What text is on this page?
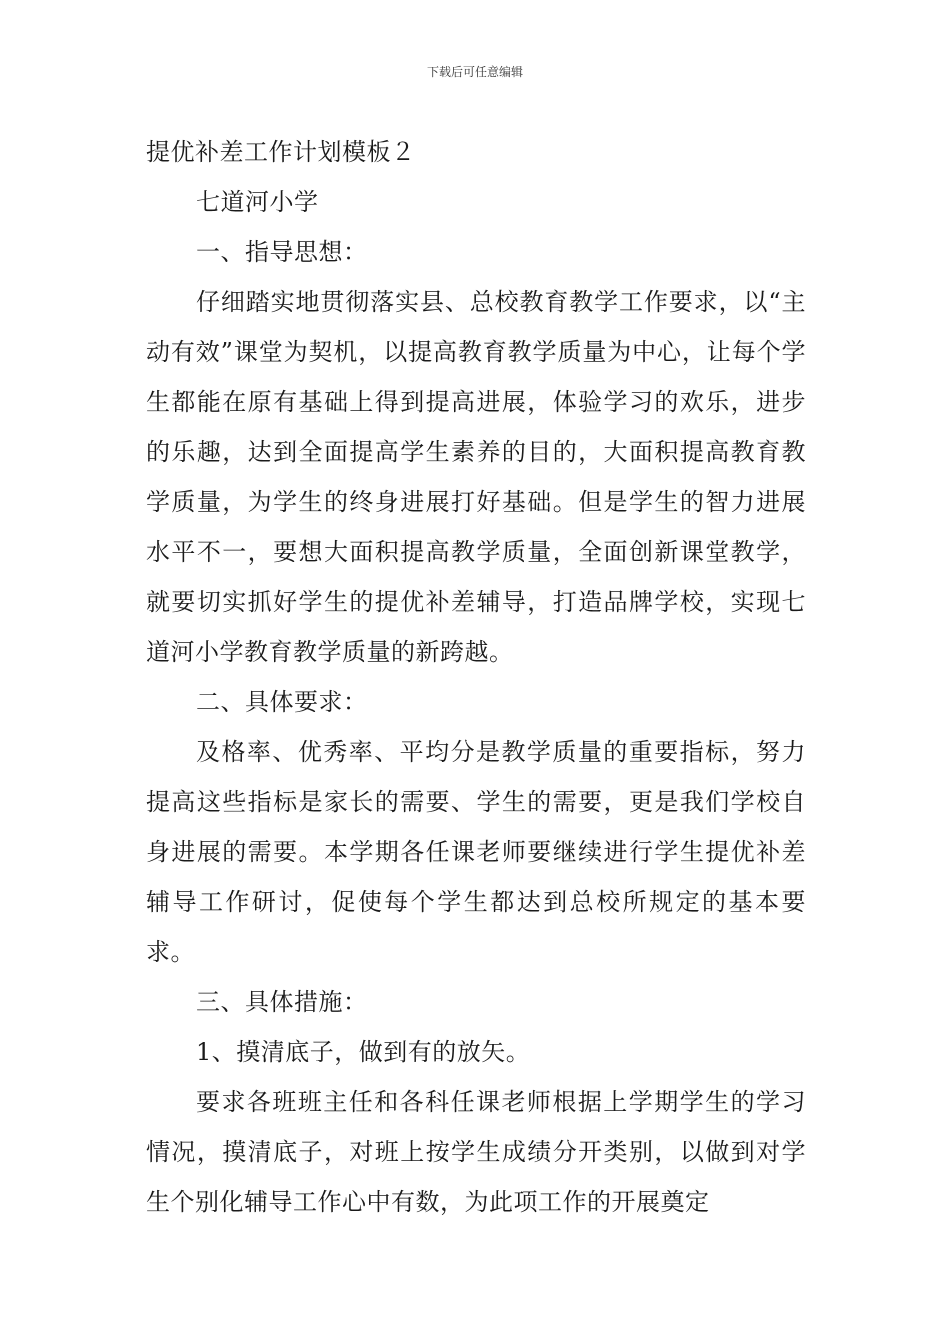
下载后可任意编辑

提优补差工作计划模板２

七道河小学

一、指导思想：

仔细踏实地贯彻落实县、总校教育教学工作要求，以“主动有效”课堂为契机，以提高教育教学质量为中心，让每个学生都能在原有基础上得到提高进展，体验学习的欢乐，进步的乐趣，达到全面提高学生素养的目的，大面积提高教育教学质量，为学生的终身进展打好基础。但是学生的智力进展水平不一，要想大面积提高教学质量，全面创新课堂教学，就要切实抓好学生的提优补差辅导，打造品牌学校，实现七道河小学教育教学质量的新跨越。

二、具体要求：

及格率、优秀率、平均分是教学质量的重要指标，努力提高这些指标是家长的需要、学生的需要，更是我们学校自身进展的需要。本学期各任课老师要继续进行学生提优补差辅导工作研讨，促使每个学生都达到总校所规定的基本要求。

三、具体措施：

1、摸清底子，做到有的放矢。

要求各班班主任和各科任课老师根据上学期学生的学习情况，摸清底子，对班上按学生成绩分开类别，以做到对学生个别化辅导工作心中有数，为此项工作的开展奠定
